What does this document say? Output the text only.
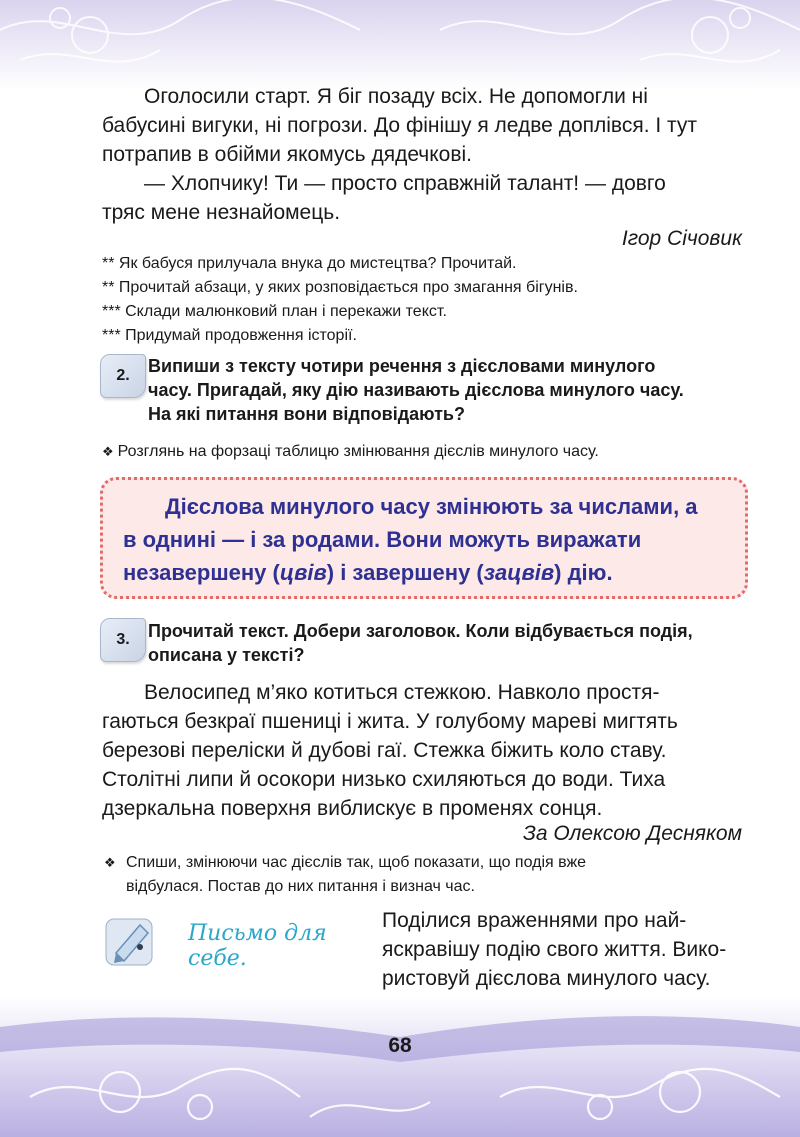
Оголосили старт. Я біг позаду всіх. Не допомогли ні
бабусині вигуки, ні погрози. До фінішу я ледве доплівся. І тут
потрапив в обійми якомусь дядечкові.

— Хлопчику! Ти — просто справжній талант! — довго
тряс мене незнайомець.

Ігор Січовик

** Як бабуся прилучала внука до мистецтва? Прочитай.

** Прочитай абзаци, у яких розповідається про змагання бігунів.

*** Склади малюнковий план і перекажи текст.

*** Придумай продовження історії.

2.	Випиши з тексту чотири речення з дієсловами минулого
часу. Пригадай, яку дію називають дієслова минулого часу.
На які питання вони відповідають?

❖ Розглянь на форзаці таблицю змінювання дієслів минулого часу.

Дієслова минулого часу змінюють за числами, а
в однині — і за родами. Вони можуть виражати
незавершену (цвів) і завершену (зацвів) дію.

3.	Прочитай текст. Добери заголовок. Коли відбувається подія,
описана у тексті?

Велосипед м’яко котиться стежкою. Навколо простя-
гаються безкраї пшениці і жита. У голубому мареві мигтять
березові переліски й дубові гаї. Стежка біжить коло ставу.
Столітні липи й осокори низько схиляються до води. Тиха
дзеркальна поверхня виблискує в променях сонця.

За Олексою Десняком

❖ Спиши, змінюючи час дієслів так, щоб показати, що подія вже
відбулася. Постав до них питання і визнач час.
Письмо для себе.

Поділися враженнями про най-
яскравішу подію свого життя. Вико-
ристовуй дієслова минулого часу.

68
